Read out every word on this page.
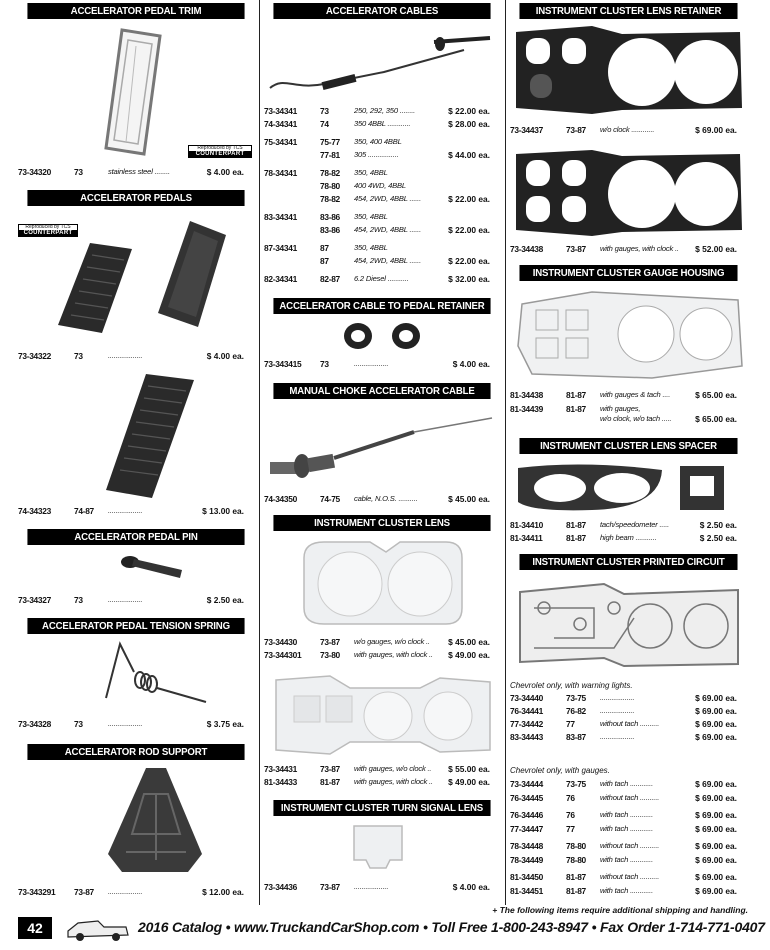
ACCELERATOR PEDAL TRIM
Reproduced by TCS
COUNTERPART
73-34320	73	stainless steel ........	$ 4.00 ea.
ACCELERATOR PEDALS
Reproduced by TCS
COUNTERPART
73-34322	73	..................	$ 4.00 ea.
74-34323	74-87 ..................	$ 13.00 ea.
ACCELERATOR PEDAL PIN
73-34327	73	..................	$ 2.50 ea.
ACCELERATOR PEDAL TENSION SPRING
73-34328	73	..................	$ 3.75 ea.
ACCELERATOR ROD SUPPORT
73-343291 73-87 ..................	$ 12.00 ea.
ACCELERATOR CABLES
73-34341	73	250, 292, 350 ........	$ 22.00 ea.
74-34341	74	350 4BBL ............	$ 28.00 ea.
75-34341	75-77 350, 400 4BBL
77-81 305 ................	$ 44.00 ea.
78-34341	78-82 350, 4BBL
78-80 400 4WD, 4BBL
78-82 454, 2WD, 4BBL ......	$ 22.00 ea.
83-34341	83-86 350, 4BBL
83-86 454, 2WD, 4BBL ......	$ 22.00 ea.
87-34341	87	350, 4BBL
87	454, 2WD, 4BBL ......	$ 22.00 ea.
82-34341	82-87 6.2 Diesel ...........	$ 32.00 ea.
ACCELERATOR CABLE TO PEDAL RETAINER
73-343415 73	..................	$ 4.00 ea.
MANUAL CHOKE ACCELERATOR CABLE
74-34350	74-75 cable, N.O.S. ..........	$ 45.00 ea.
INSTRUMENT CLUSTER LENS
73-34430	73-87 w/o gauges, w/o clock .. $ 45.00 ea.
73-344301 73-80 with gauges, with clock .. $ 49.00 ea.
73-34431	73-87 with gauges, w/o clock .. $ 55.00 ea.
81-34433	81-87 with gauges, with clock .. $ 49.00 ea.
INSTRUMENT CLUSTER TURN SIGNAL LENS
73-34436	73-87 ..................	$ 4.00 ea.
INSTRUMENT CLUSTER LENS RETAINER
73-34437	73-87 w/o clock ............	$ 69.00 ea.
73-34438	73-87 with gauges, with clock .. $ 52.00 ea.
INSTRUMENT CLUSTER GAUGE HOUSING
81-34438	81-87 with gauges & tach ....	$ 65.00 ea.
81-34439	81-87 with gauges,
w/o clock, w/o tach .....	$ 65.00 ea.
INSTRUMENT CLUSTER LENS SPACER
81-34410	81-87 tach/speedometer .....	$ 2.50 ea.
81-34411	81-87 high beam ...........	$ 2.50 ea.
INSTRUMENT CLUSTER PRINTED CIRCUIT
Chevrolet only, with warning lights.
73-34440	73-75 ..................	$ 69.00 ea.
76-34441	76-82 ..................	$ 69.00 ea.
77-34442	77	without tach ..........	$ 69.00 ea.
83-34443	83-87 ..................	$ 69.00 ea.
Chevrolet only, with gauges.
73-34444	73-75 with tach ............	$ 69.00 ea.
76-34445	76	without tach ..........	$ 69.00 ea.
76-34446	76	with tach ............	$ 69.00 ea.
77-34447	77	with tach ............	$ 69.00 ea.
78-34448	78-80 without tach ..........	$ 69.00 ea.
78-34449	78-80 with tach ............	$ 69.00 ea.
81-34450	81-87 without tach ..........	$ 69.00 ea.
81-34451	81-87 with tach ............	$ 69.00 ea.
+ The following items require additional shipping and handling.
42	2016 Catalog • www.TruckandCarShop.com • Toll Free 1-800-243-8947 • Fax Order 1-714-771-0407
